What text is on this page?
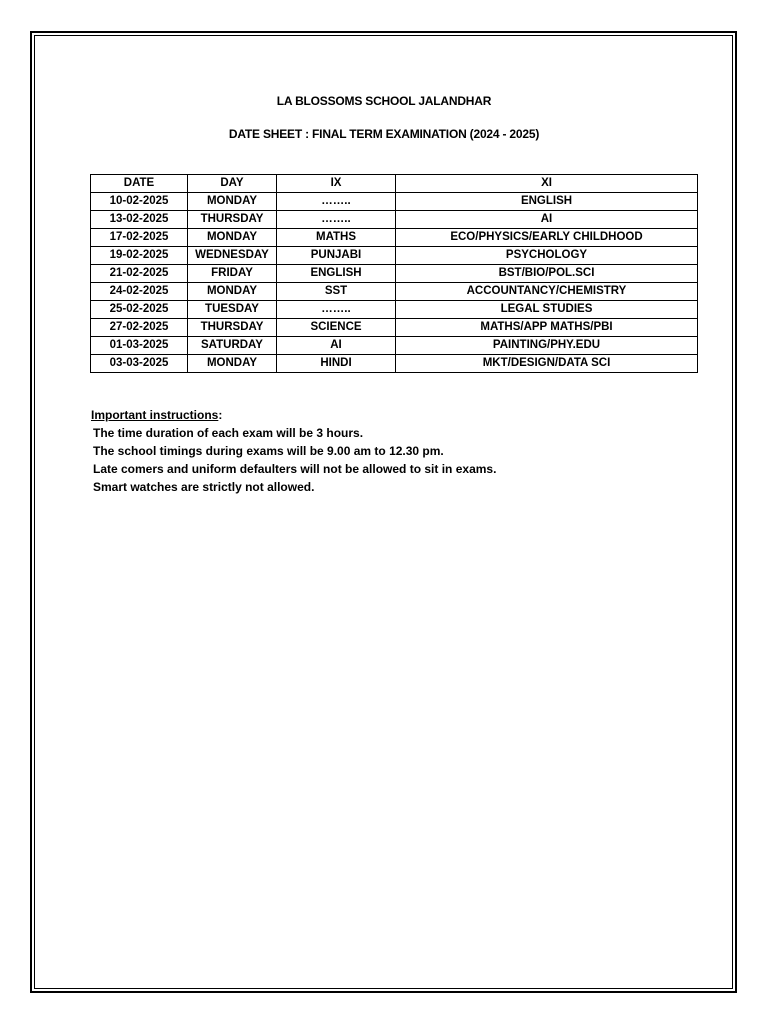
LA BLOSSOMS SCHOOL JALANDHAR
DATE SHEET : FINAL TERM EXAMINATION (2024 - 2025)
DATE	DAY	IX	XI
10-02-2025	MONDAY	……..	ENGLISH
13-02-2025	THURSDAY	……..	AI
17-02-2025	MONDAY	MATHS	ECO/PHYSICS/EARLY CHILDHOOD
19-02-2025	WEDNESDAY	PUNJABI	PSYCHOLOGY
21-02-2025	FRIDAY	ENGLISH	BST/BIO/POL.SCI
24-02-2025	MONDAY	SST	ACCOUNTANCY/CHEMISTRY
25-02-2025	TUESDAY	……..	LEGAL STUDIES
27-02-2025	THURSDAY	SCIENCE	MATHS/APP MATHS/PBI
01-03-2025	SATURDAY	AI	PAINTING/PHY.EDU
03-03-2025	MONDAY	HINDI	MKT/DESIGN/DATA SCI
Important instructions:
The time duration of each exam will be 3 hours.
The school timings during exams will be 9.00 am to 12.30 pm.
Late comers and uniform defaulters will not be allowed to sit in exams.
Smart watches are strictly not allowed.
